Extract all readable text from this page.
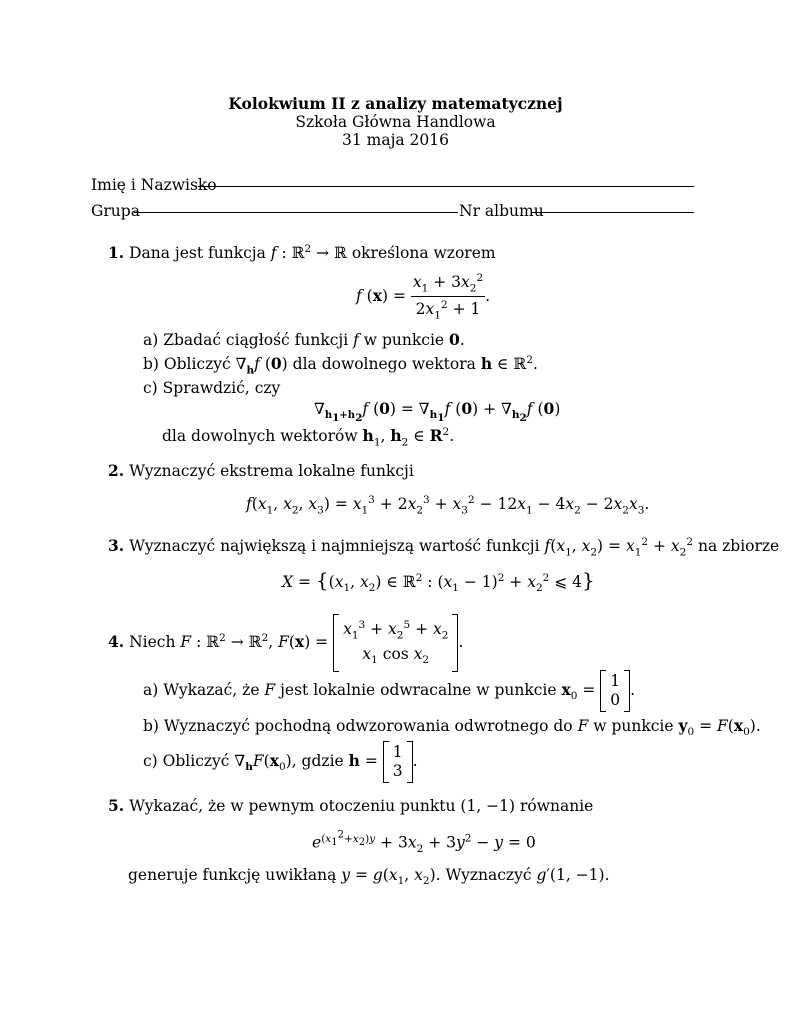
Kolokwium II z analizy matematycznej
Szkoła Główna Handlowa
31 maja 2016
Imię i Nazwisko
Grupa	Nr albumu
1. Dana jest funkcja f : ℝ$^2$ → ℝ określona wzorem
f $(x) = \frac{x_1 + 3x_2^2}{2x_1^2 + 1}$ .
a) Zbadać ciągłość funkcji f w punkcie 0.
b) Obliczyć $\nabla_hf$ (0) dla dowolnego wektora h ∈ ℝ$^2$.
c) Sprawdzić, czy
$\nabla_{h_1+h_2}f$ $(0) = \nabla_{h_1}f$ $(0) + \nabla_{h_2}f$ (0)
dla dowolnych wektorów $h_1$, $h_2$ ∈ $R^2$.
2. Wyznaczyć ekstrema lokalne funkcji
$f(x_1$, $x_2$, $x_3) = x_1^3 + 2x_2^3 + x_3^2 - 12x_1 - 4x_2 - 2x_2x_3$.
3. Wyznaczyć największą i najmniejszą wartość funkcji $f(x_1$, $x_2) = x_1^2 + x_2^2$ na zbiorze
$X = \{(x_1$, $x_2$) ∈ ℝ$^2$ : $(x_1 - 1)^2 + x_2^2$ ⩽ 4}
4. Niech F : ℝ$^2$ → ℝ$^2$, F(x) =
$x_1^3 + x_2^5 + x_2$
$x_1$ $\cos x_2$
.
a) Wykazać, że F jest lokalnie odwracalne w punkcie $x_0 = 1$
0
.
b) Wyznaczyć pochodną odwzorowania odwrotnego do F w punkcie $y_0 = F(x_0)$.
c) Obliczyć $\nabla_hF(x_0)$, gdzie h = 1
3
.
5. Wykazać, że w pewnym otoczeniu punktu (1, −1) równanie
$e^{(x_1^2+x_2)y} + 3x_2 + 3y^2 - y = 0$
generuje funkcję uwikłaną $y = g(x_1$, $x_2$). Wyznaczyć g′(1, −1).
